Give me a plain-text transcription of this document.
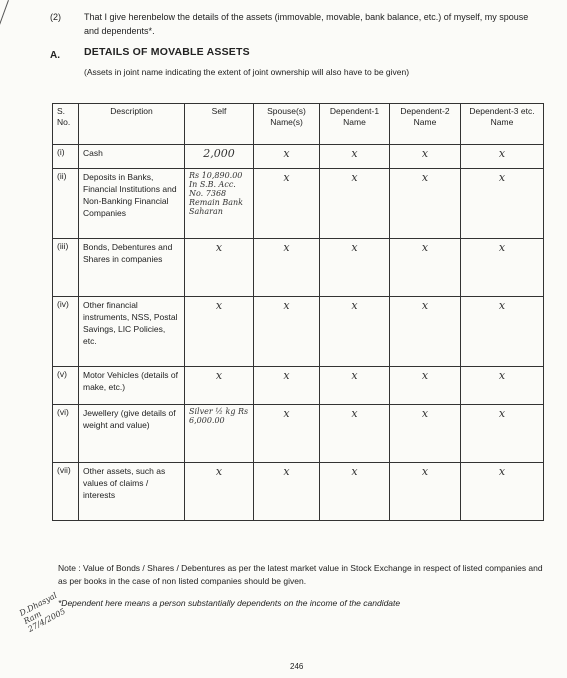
(2)	That I give herenbelow the details of the assets (immovable, movable, bank balance, etc.) of myself, my spouse and dependents*.
A. DETAILS OF MOVABLE ASSETS
(Assets in joint name indicating the extent of joint ownership will also have to be given)
S. No.	Description	Self	Spouse(s) Name(s)	Dependent-1 Name	Dependent-2 Name	Dependent-3 etc. Name
(i)	Cash	2,000	x	x	x	x
(ii)	Deposits in Banks, Financial Institutions and Non-Banking Financial Companies	Rs 10,890.00 In S.B. Acc. No. 7368 Remain Bank Saharan	x	x	x	x
(iii)	Bonds, Debentures and Shares in companies	x	x	x	x	x
(iv)	Other financial instruments, NSS, Postal Savings, LIC Policies, etc.	x	x	x	x	x
(v)	Motor Vehicles (details of make, etc.)	x	x	x	x	x
(vi)	Jewellery (give details of weight and value)	Silver ½ kg Rs 6,000.00	x	x	x	x
(vii)	Other assets, such as values of claims / interests	x	x	x	x	x
Note : Value of Bonds / Shares / Debentures as per the latest market value in Stock Exchange in respect of listed companies and as per books in the case of non listed companies should be given.
*Dependent here means a person substantially dependents on the income of the candidate
D.Dhasyal Ram 27/4/2005
246
